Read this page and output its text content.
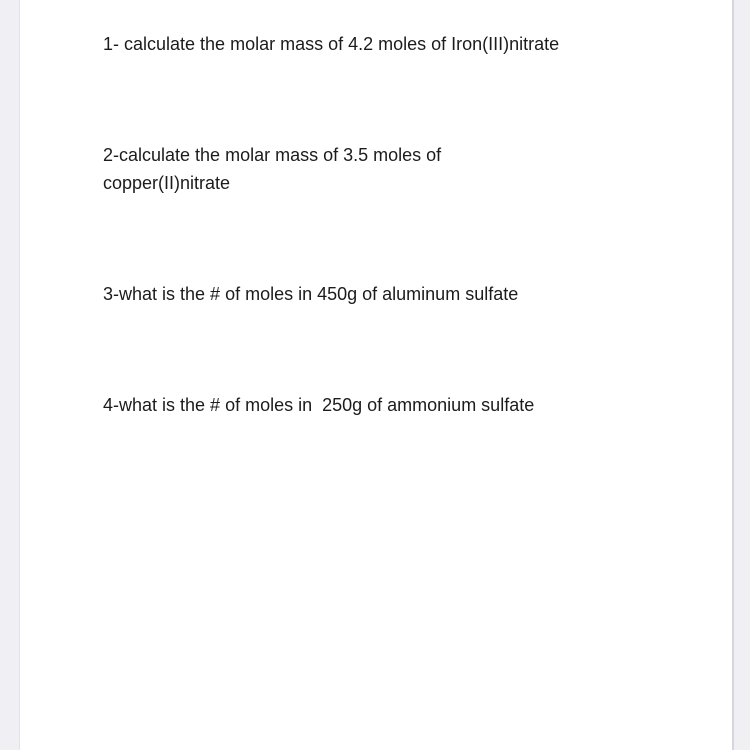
1- calculate the molar mass of 4.2 moles of Iron(III)nitrate

2-calculate the molar mass of 3.5 moles of
copper(II)nitrate

3-what is the # of moles in 450g of aluminum sulfate

4-what is the # of moles in  250g of ammonium sulfate
